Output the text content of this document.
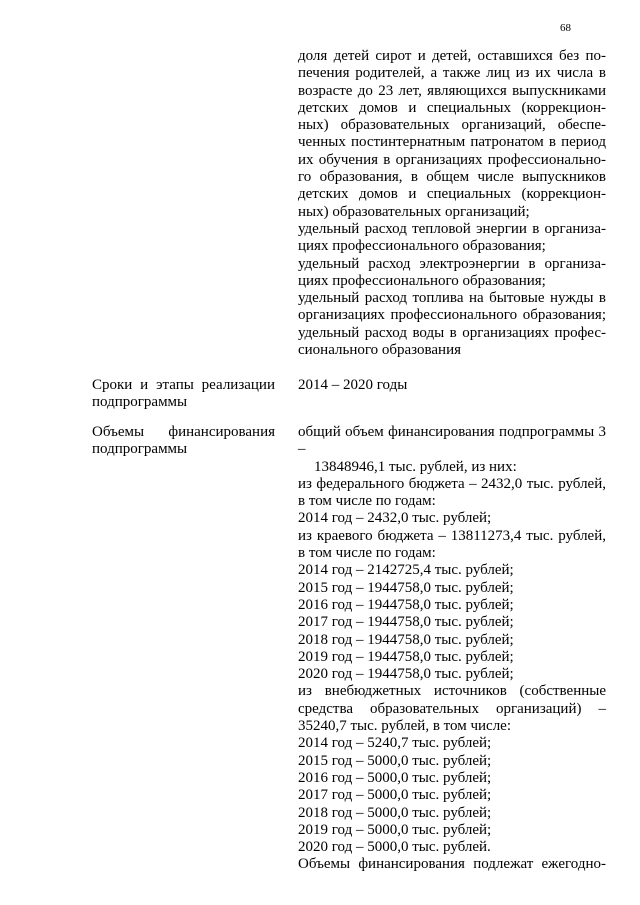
68
доля детей сирот и детей, оставшихся без по-
печения родителей, а также лиц из их числа в
возрасте до 23 лет, являющихся выпускниками
детских домов и специальных (коррекцион-
ных) образовательных организаций, обеспе-
ченных постинтернатным патронатом в период
их обучения в организациях профессионально-
го образования, в общем числе выпускников
детских домов и специальных (коррекцион-
ных) образовательных организаций;
удельный расход тепловой энергии в организа-
циях профессионального образования;
удельный расход электроэнергии в организа-
циях профессионального образования;
удельный расход топлива на бытовые нужды в
организациях профессионального образования;
удельный расход воды в организациях профес-
сионального образования
Сроки и этапы реализации
подпрограммы
2014 – 2020 годы
Объемы финансирования
подпрограммы
общий объем финансирования подпрограммы 3 –
13848946,1 тыс. рублей, из них:
из федерального бюджета – 2432,0 тыс. рублей,
в том числе по годам:
2014 год – 2432,0 тыс. рублей;
из краевого бюджета – 13811273,4 тыс. рублей,
в том числе по годам:
2014 год – 2142725,4 тыс. рублей;
2015 год – 1944758,0 тыс. рублей;
2016 год – 1944758,0 тыс. рублей;
2017 год – 1944758,0 тыс. рублей;
2018 год – 1944758,0 тыс. рублей;
2019 год – 1944758,0 тыс. рублей;
2020 год – 1944758,0 тыс. рублей;
из внебюджетных источников (собственные
средства образовательных организаций) –
35240,7 тыс. рублей, в том числе:
2014 год – 5240,7 тыс. рублей;
2015 год – 5000,0 тыс. рублей;
2016 год – 5000,0 тыс. рублей;
2017 год – 5000,0 тыс. рублей;
2018 год – 5000,0 тыс. рублей;
2019 год – 5000,0 тыс. рублей;
2020 год – 5000,0 тыс. рублей.
Объемы финансирования подлежат ежегодно-
